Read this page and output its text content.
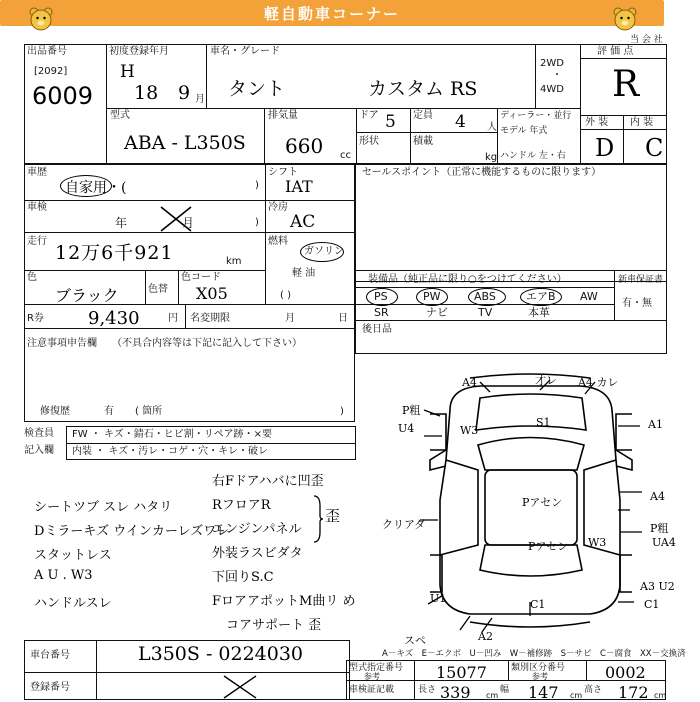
軽自動車コーナー
当 会 社
出品番号
[2092]
6009
初度登録年月
H
18 9 月
車名・グレード
タント	カスタム RS
2WD
・
4WD
評 価 点
R
外 装 内 装
D C
型式
ABA - L350S
排気量
660 cc
ドア 5 定員 4 人
形状	積載
kg
ディーラー・並行
モデル 年式
ハンドル 左・右
セールスポイント（正常に機能するものに限ります）
車歴
自家用・(	)
シフト
IAT
車検
年	月	)
冷房
AC
走行
12万6千921	km
燃料
ガソリン
軽 油
( )
色
ブラック	色替
色コード
X05
R券 9,430	円 名変期限	月	日
注意事項申告欄 （不具合内容等は下記に記入して下さい）
修復歴	有 ( 箇所	)
装備品（純正品に限り○をつけてください）	新車保証書
有・無
後日品
PS	PW	ABS	エアB AW
SR	ナビ	TV	本革
検査員
記入欄
FW ・ キズ・錆石・ヒビ割・リペア跡・×要
内装 ・ キズ・汚レ・コゲ・穴・キレ・破レ
シートツブ スレ ハタリ
Dミラーキズ ウインカーレズワレ
スタットレス
A U . W3
ハンドルスレ
右Fドアハバに凹歪
RフロアR
エンジンパネル
外装ラスビダタ
下回りS.C
FロアアポットM曲リ め
コアサポート 歪
歪
A4	才レ A4 カレ
P粗
U4	W3
S1	A1
A4
Pアセン
クリアダ
Pアセン W3
P粗
UA4
U1	C1
A3 U2
C1
A2
スペ
A－キズ　E－エクボ　U－凹み　W－補修跡　S－サビ　C－腐食　XX－交換済
車台番号	L350S - 0224030
登録番号
型式指定番号
参考	15077	類別区分番号
参考	0002
車検証記載	長さ 339 cm
幅 147 cm
高さ 172 cm
